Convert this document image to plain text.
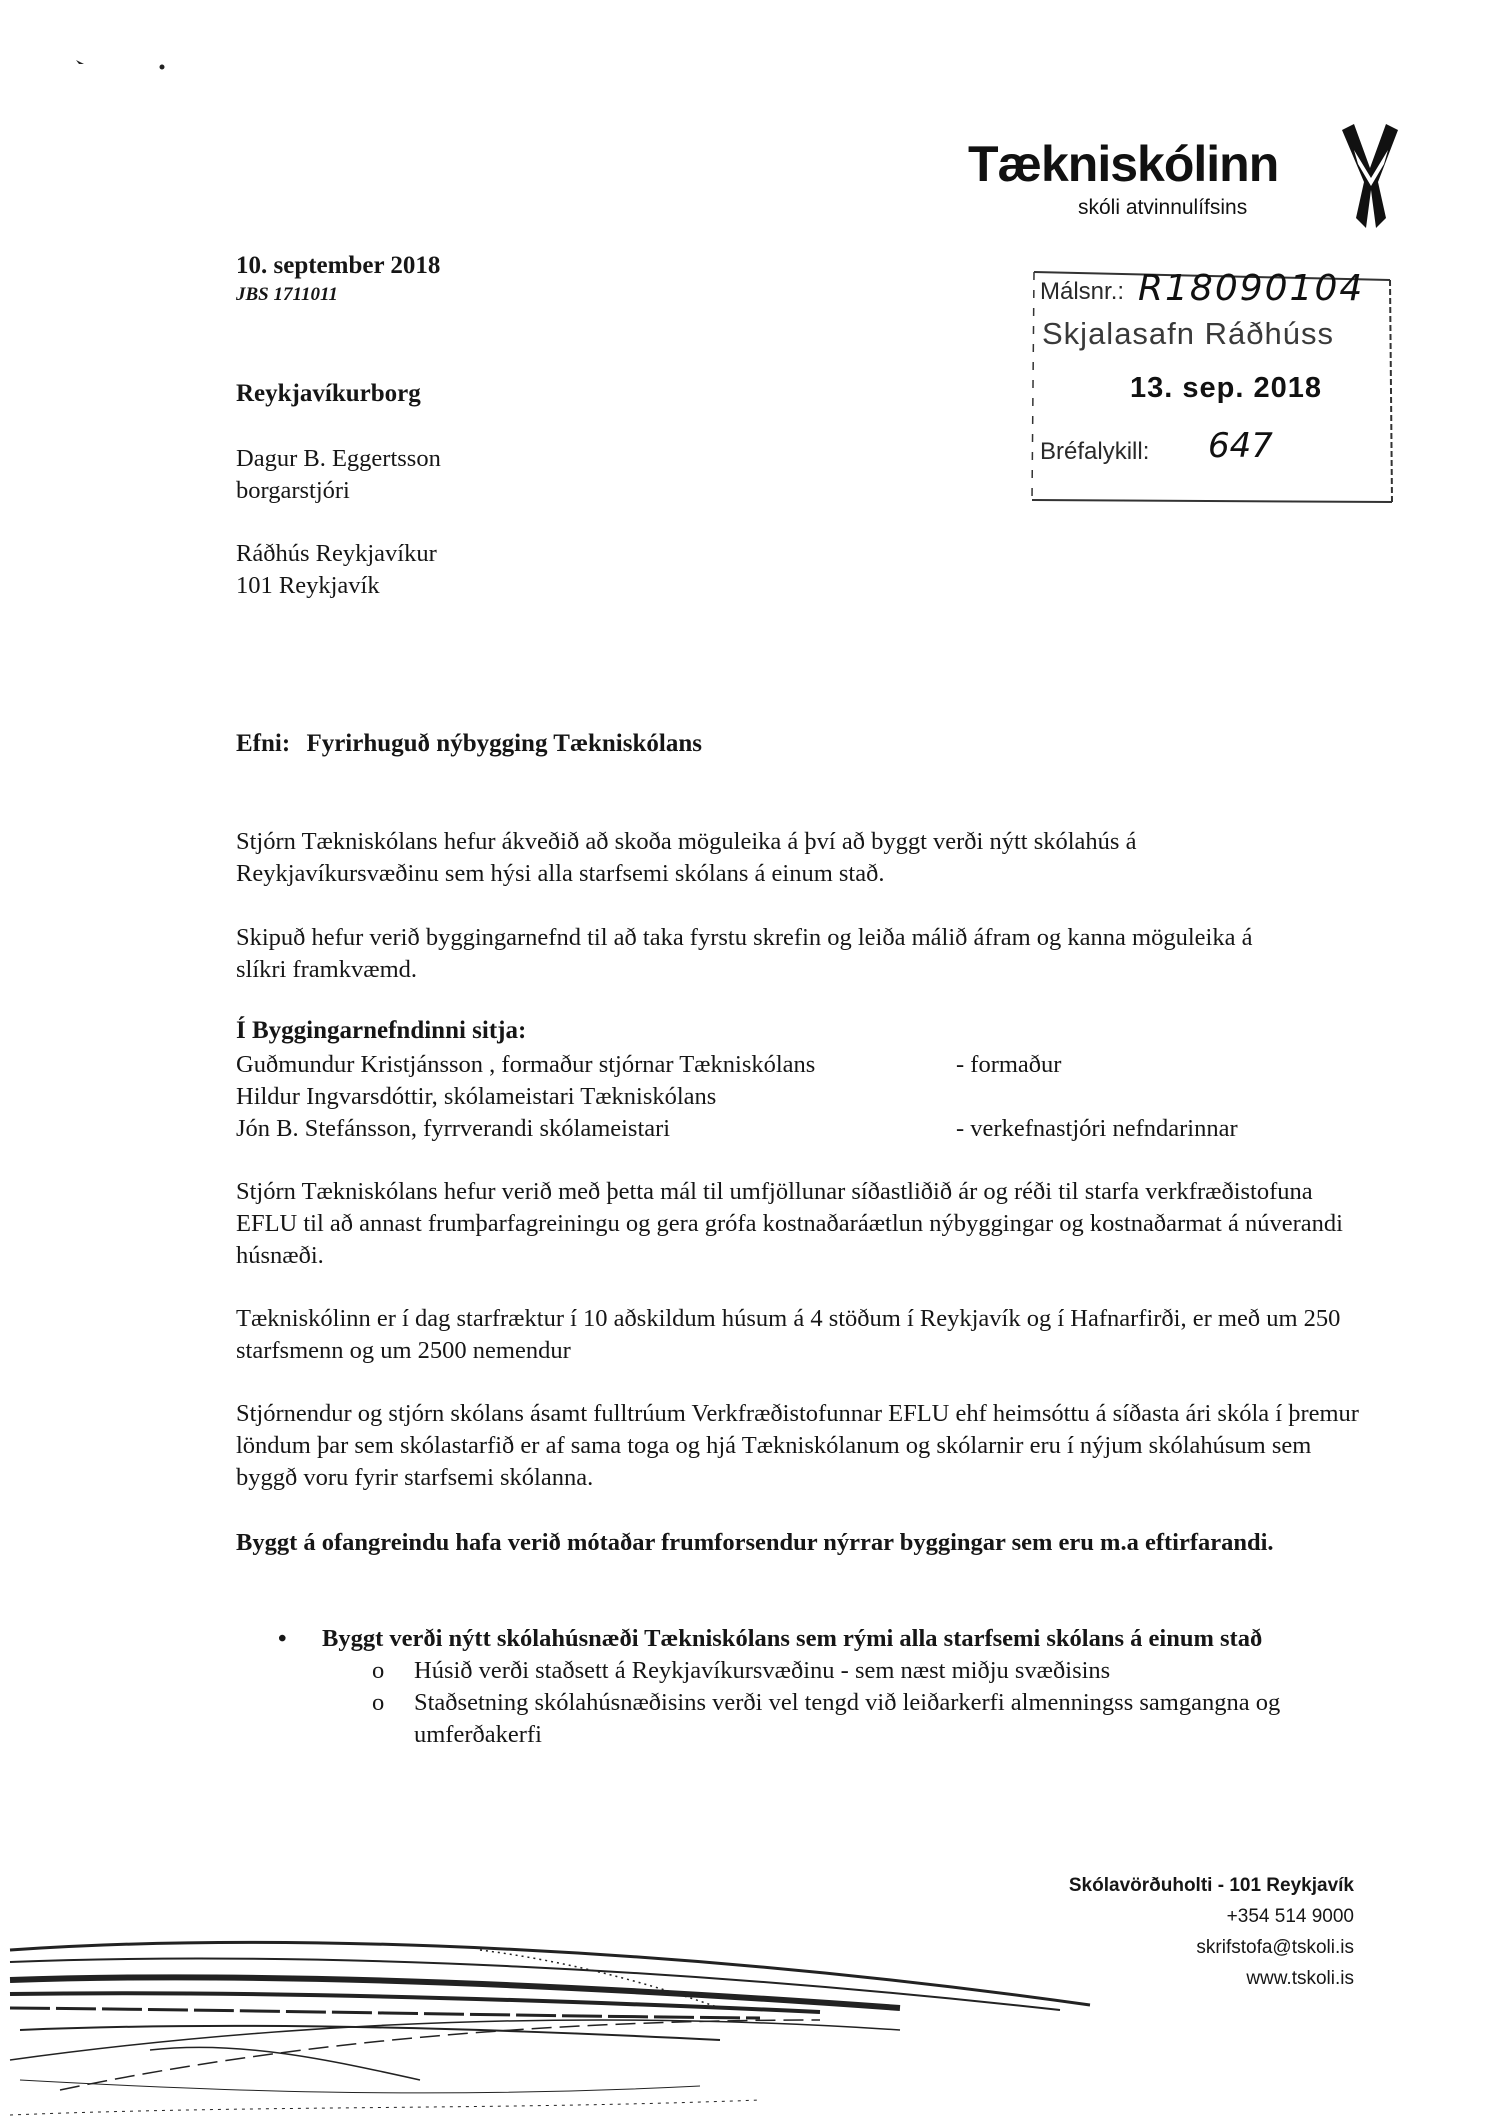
Tækniskólinn
skóli atvinnulífsins
10. september 2018
JBS 1711011
Reykjavíkurborg
Dagur B. Eggertsson
borgarstjóri
Ráðhús Reykjavíkur
101 Reykjavík
Málsnr.: R18090104
Skjalasafn Ráðhúss
13. sep. 2018
Bréfalykill: 647
Efni: Fyrirhuguð nýbygging Tækniskólans

Stjórn Tækniskólans hefur ákveðið að skoða möguleika á því að byggt verði nýtt skólahús á Reykjavíkursvæðinu sem hýsi alla starfsemi skólans á einum stað.

Skipuð hefur verið byggingarnefnd til að taka fyrstu skrefin og leiða málið áfram og kanna möguleika á slíkri framkvæmd.

Í Byggingarnefndinni sitja:
Guðmundur Kristjánsson , formaður stjórnar Tækniskólans	- formaður
Hildur Ingvarsdóttir, skólameistari Tækniskólans	
Jón B. Stefánsson, fyrrverandi skólameistari	- verkefnastjóri nefndarinnar

Stjórn Tækniskólans hefur verið með þetta mál til umfjöllunar síðastliðið ár og réði til starfa verkfræðistofuna EFLU til að annast frumþarfagreiningu og gera grófa kostnaðaráætlun nýbyggingar og kostnaðarmat á núverandi húsnæði.

Tækniskólinn er í dag starfræktur í 10 aðskildum húsum á 4 stöðum í Reykjavík og í Hafnarfirði, er með um 250 starfsmenn og um 2500 nemendur

Stjórnendur og stjórn skólans ásamt fulltrúum Verkfræðistofunnar EFLU ehf heimsóttu á síðasta ári skóla í þremur löndum þar sem skólastarfið er af sama toga og hjá Tækniskólanum og skólarnir eru í nýjum skólahúsum sem byggð voru fyrir starfsemi skólanna.

Byggt á ofangreindu hafa verið mótaðar frumforsendur nýrrar byggingar sem eru m.a eftirfarandi.

• Byggt verði nýtt skólahúsnæði Tækniskólans sem rými alla starfsemi skólans á einum stað
o Húsið verði staðsett á Reykjavíkursvæðinu - sem næst miðju svæðisins
o Staðsetning skólahúsnæðisins verði vel tengd við leiðarkerfi almenningss samgangna og umferðakerfi
Skólavörðuholti - 101 Reykjavík
+354 514 9000
skrifstofa@tskoli.is
www.tskoli.is
